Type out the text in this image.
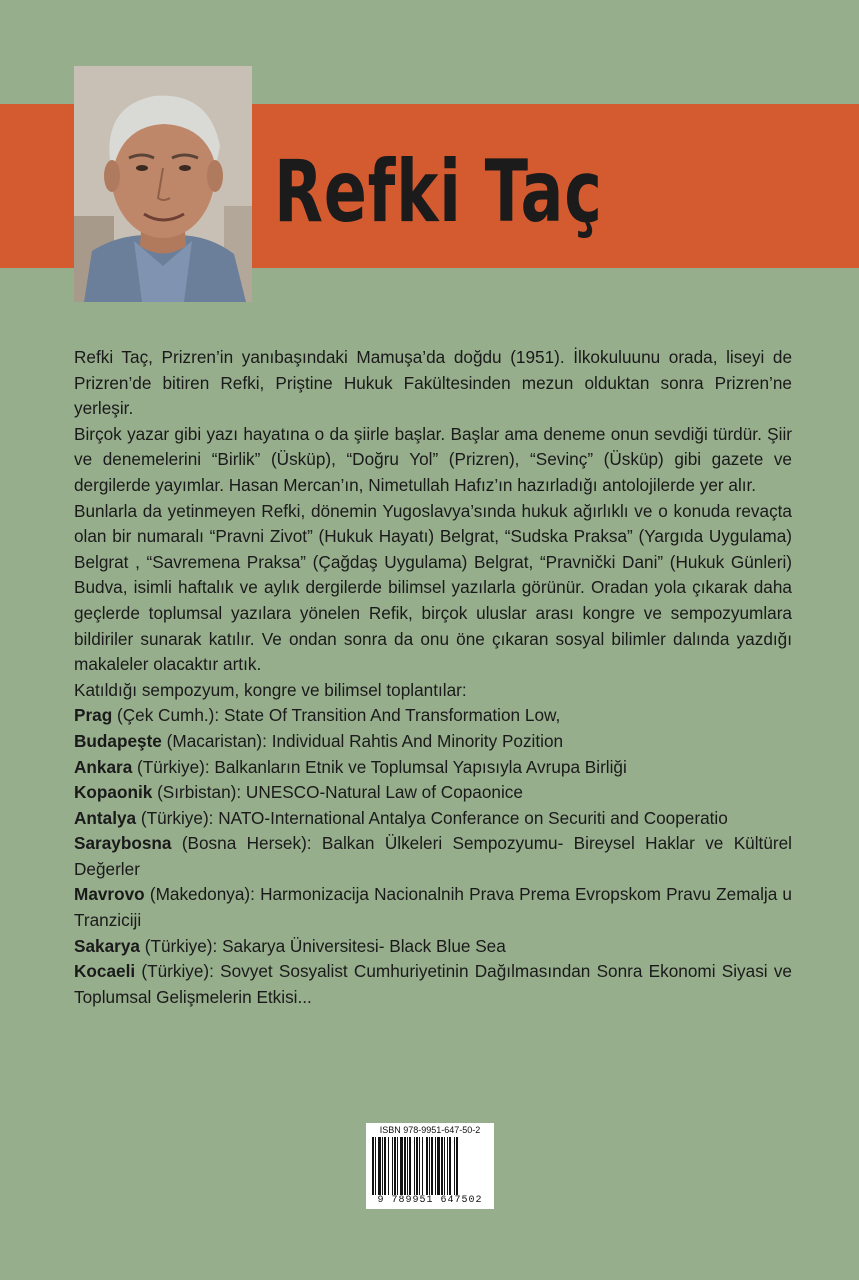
Refki Taç

Refki Taç, Prizren’in yanıbaşındaki Mamuşa’da doğdu (1951). İlkokuluunu orada, liseyi de Prizren’de bitiren Refki, Priştine Hukuk Fakültesinden mezun olduktan sonra Prizren’ne yerleşir.

Birçok yazar gibi yazı hayatına o da şiirle başlar. Başlar ama deneme onun sevdiği türdür. Şiir ve denemelerini “Birlik” (Üsküp), “Doğru Yol” (Prizren), “Sevinç” (Üsküp) gibi gazete ve dergilerde yayımlar. Hasan Mercan’ın, Nimetullah Hafız’ın hazırladığı antolojilerde yer alır.

Bunlarla da yetinmeyen Refki, dönemin Yugoslavya’sında hukuk ağırlıklı ve o konuda revaçta olan bir numaralı “Pravni Zivot” (Hukuk Hayatı) Belgrat, “Sudska Praksa” (Yargıda Uygulama) Belgrat , “Savremena Praksa” (Çağdaş Uygulama) Belgrat, “Pravnički Dani” (Hukuk Günleri) Budva, isimli haftalık ve aylık dergilerde bilimsel yazılarla görünür. Oradan yola çıkarak daha geçlerde toplumsal yazılara yönelen Refik, birçok uluslar arası kongre ve sempozyumlara bildiriler sunarak katılır. Ve ondan sonra da onu öne çıkaran sosyal bilimler dalında yazdığı makaleler olacaktır artık.

Katıldığı sempozyum, kongre ve bilimsel toplantılar:

Prag (Çek Cumh.): State Of Transition And Transformation Low,

Budapeşte (Macaristan): Individual Rahtis And Minority Pozition

Ankara (Türkiye): Balkanların Etnik ve Toplumsal Yapısıyla Avrupa Birliği

Kopaonik (Sırbistan): UNESCO-Natural Law of Copaonice

Antalya (Türkiye): NATO-International Antalya Conferance on Securiti and Cooperatio

Saraybosna (Bosna Hersek): Balkan Ülkeleri Sempozyumu- Bireysel Haklar ve Kültürel Değerler

Mavrovo (Makedonya): Harmonizacija Nacionalnih Prava Prema Evropskom Pravu Zemalja u Tranziciji

Sakarya (Türkiye): Sakarya Üniversitesi- Black Blue Sea

Kocaeli (Türkiye): Sovyet Sosyalist Cumhuriyetinin Dağılmasından Sonra Ekonomi Siyasi ve Toplumsal Gelişmelerin Etkisi...

ISBN 978-9951-647-50-2
9 789951 647502
